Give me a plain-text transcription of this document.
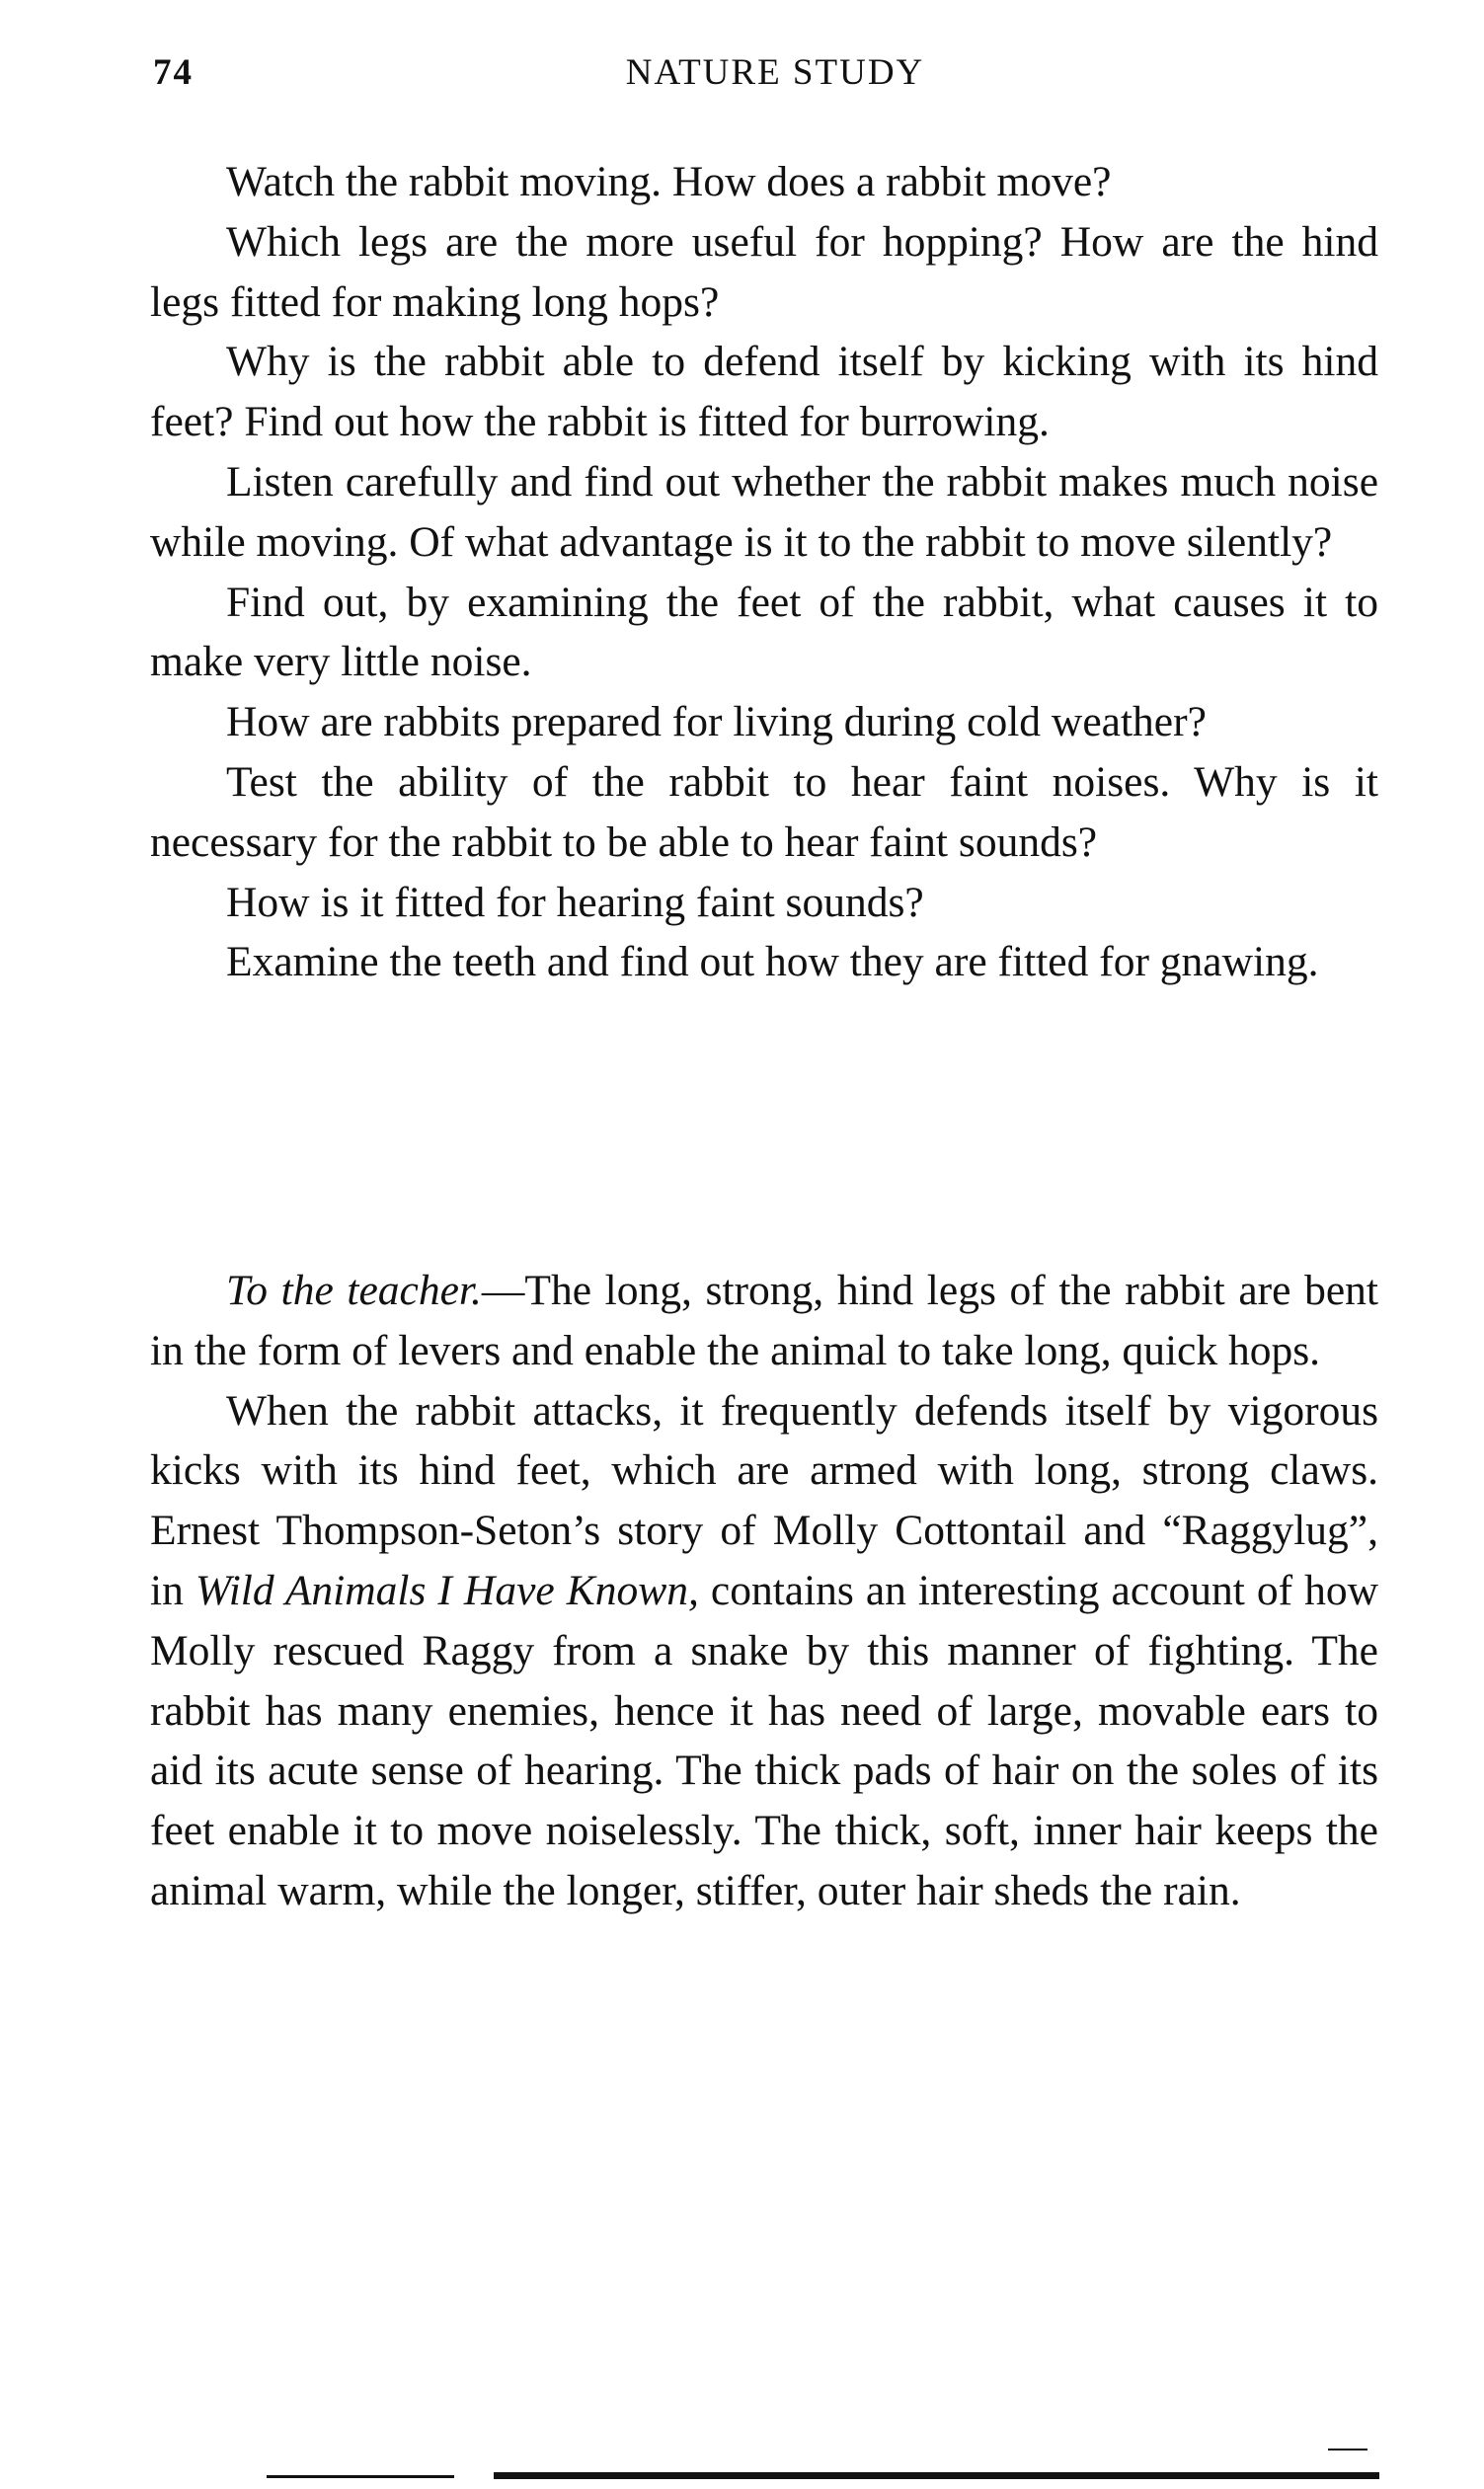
74	NATURE STUDY

Watch the rabbit moving. How does a rabbit move?

Which legs are the more useful for hopping? How are the hind legs fitted for making long hops?

Why is the rabbit able to defend itself by kicking with its hind feet? Find out how the rabbit is fitted for burrowing.

Listen carefully and find out whether the rabbit makes much noise while moving. Of what advantage is it to the rabbit to move silently?

Find out, by examining the feet of the rabbit, what causes it to make very little noise.

How are rabbits prepared for living during cold weather?

Test the ability of the rabbit to hear faint noises. Why is it necessary for the rabbit to be able to hear faint sounds?

How is it fitted for hearing faint sounds?

Examine the teeth and find out how they are fitted for gnawing.

To the teacher.—The long, strong, hind legs of the rabbit are bent in the form of levers and enable the animal to take long, quick hops.

When the rabbit attacks, it frequently defends itself by vigorous kicks with its hind feet, which are armed with long, strong claws. Ernest Thompson-Seton’s story of Molly Cottontail and “Raggylug”, in Wild Animals I Have Known, contains an interesting account of how Molly rescued Raggy from a snake by this manner of fighting. The rabbit has many enemies, hence it has need of large, movable ears to aid its acute sense of hearing. The thick pads of hair on the soles of its feet enable it to move noiselessly. The thick, soft, inner hair keeps the animal warm, while the longer, stiffer, outer hair sheds the rain.
